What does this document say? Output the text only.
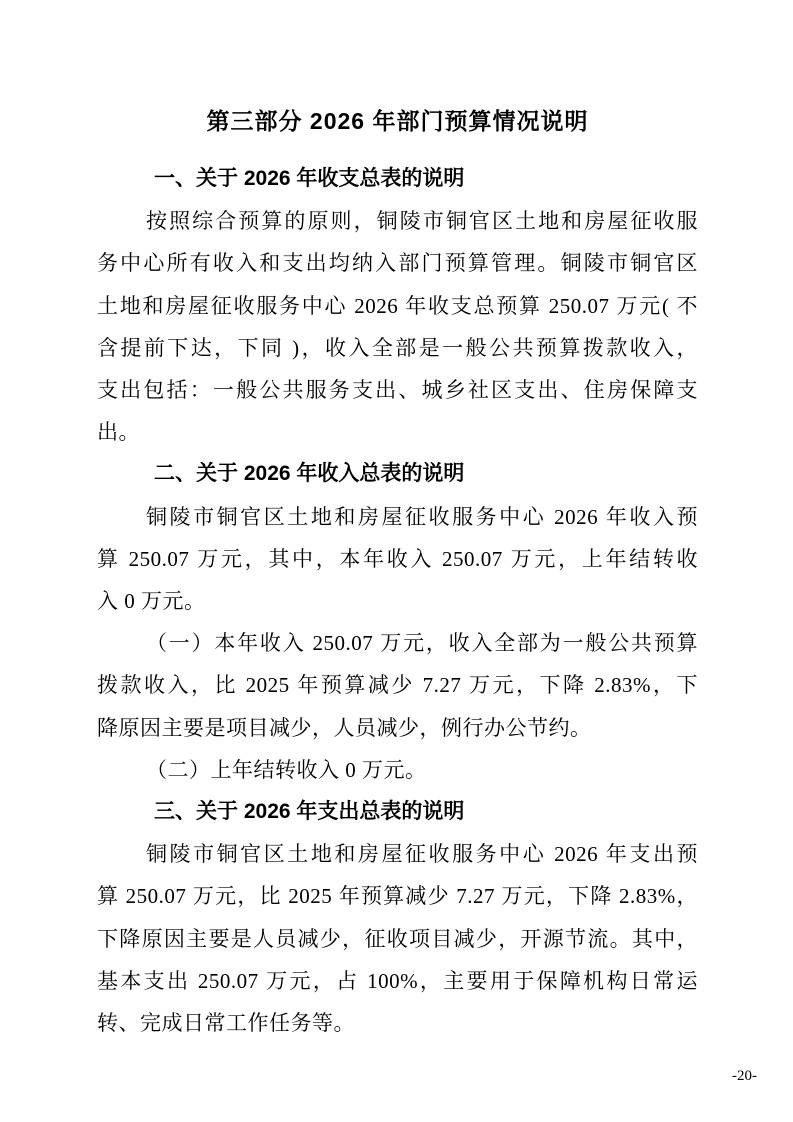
第三部分 2026 年部门预算情况说明
一、关于 2026 年收支总表的说明

按照综合预算的原则，铜陵市铜官区土地和房屋征收服

务中心所有收入和支出均纳入部门预算管理。铜陵市铜官区

土地和房屋征收服务中心 2026 年收支总预算 250.07 万元( 不

含提前下达，下同 )，收入全部是一般公共预算拨款收入，

支出包括：一般公共服务支出、城乡社区支出、住房保障支

出。

二、关于 2026 年收入总表的说明

铜陵市铜官区土地和房屋征收服务中心 2026 年收入预

算 250.07 万元，其中，本年收入 250.07 万元，上年结转收

入 0 万元。

（一）本年收入 250.07 万元，收入全部为一般公共预算

拨款收入，比 2025 年预算减少 7.27 万元，下降 2.83%，下

降原因主要是项目减少，人员减少，例行办公节约。

（二）上年结转收入 0 万元。

三、关于 2026 年支出总表的说明

铜陵市铜官区土地和房屋征收服务中心 2026 年支出预

算 250.07 万元，比 2025 年预算减少 7.27 万元，下降 2.83%，

下降原因主要是人员减少，征收项目减少，开源节流。其中，

基本支出 250.07 万元，占 100%，主要用于保障机构日常运

转、完成日常工作任务等。

-20-
